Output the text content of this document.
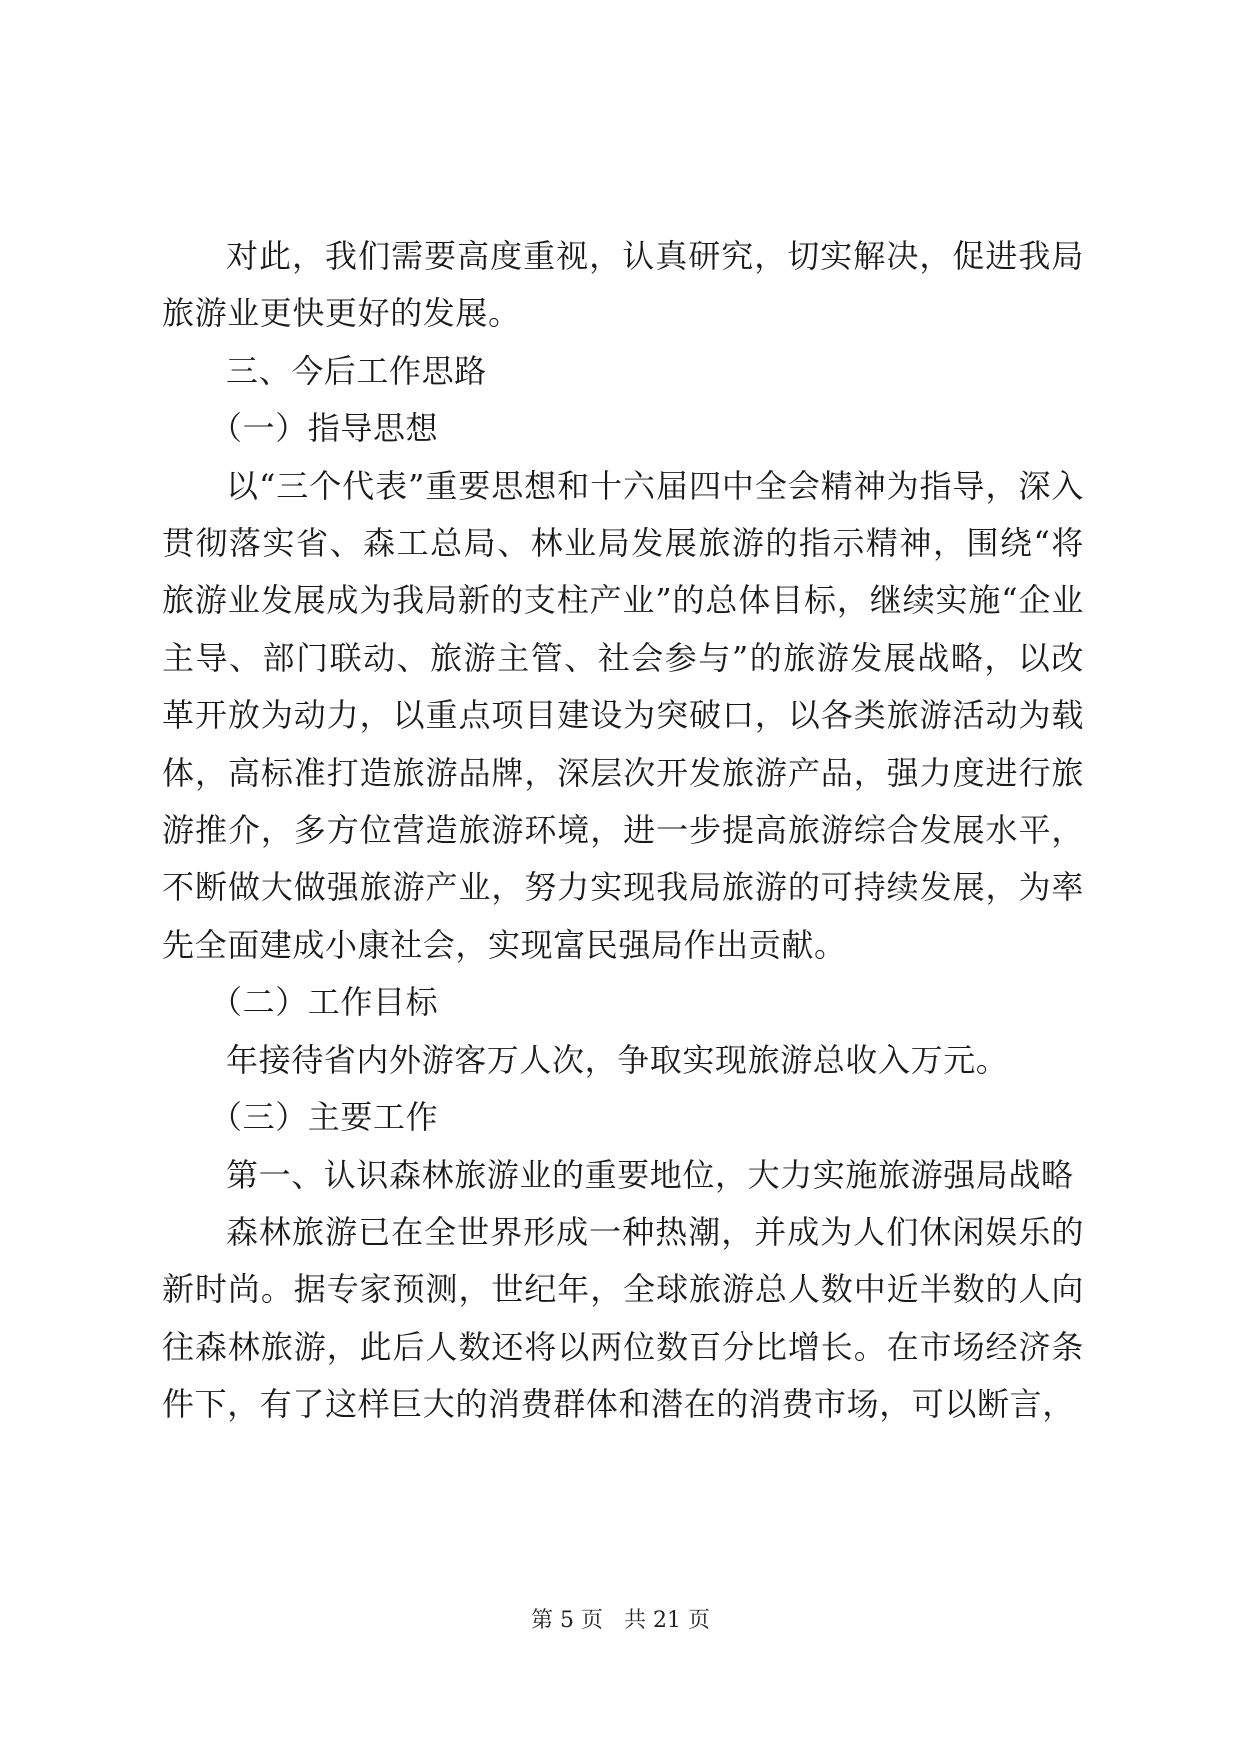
对此，我们需要高度重视，认真研究，切实解决，促进我局旅游业更快更好的发展。

三、今后工作思路

（一）指导思想

以“三个代表”重要思想和十六届四中全会精神为指导，深入贯彻落实省、森工总局、林业局发展旅游的指示精神，围绕“将旅游业发展成为我局新的支柱产业”的总体目标，继续实施“企业主导、部门联动、旅游主管、社会参与”的旅游发展战略，以改革开放为动力，以重点项目建设为突破口，以各类旅游活动为载体，高标准打造旅游品牌，深层次开发旅游产品，强力度进行旅游推介，多方位营造旅游环境，进一步提高旅游综合发展水平，不断做大做强旅游产业，努力实现我局旅游的可持续发展，为率先全面建成小康社会，实现富民强局作出贡献。

（二）工作目标

年接待省内外游客万人次，争取实现旅游总收入万元。

（三）主要工作

第一、认识森林旅游业的重要地位，大力实施旅游强局战略

森林旅游已在全世界形成一种热潮，并成为人们休闲娱乐的新时尚。据专家预测，世纪年，全球旅游总人数中近半数的人向往森林旅游，此后人数还将以两位数百分比增长。在市场经济条件下，有了这样巨大的消费群体和潜在的消费市场，可以断言，

第 5 页 共 21 页
